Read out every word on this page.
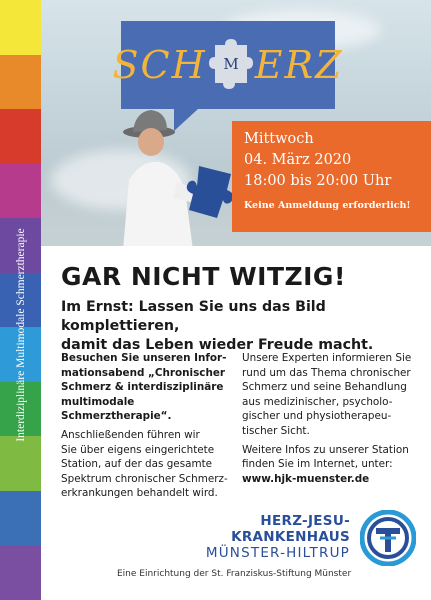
Interdiziplinäre Multimodale Schmerztherapie
SCH ERZ
M
Mittwoch
04. März 2020
18:00 bis 20:00 Uhr
Keine Anmeldung erforderlich!
GAR NICHT WITZIG!
Im Ernst: Lassen Sie uns das Bild komplettieren,
damit das Leben wieder Freude macht.

Besuchen Sie unseren Infor-
mationsabend „Chronischer
Schmerz & interdisziplinäre
multimodale Schmerztherapie“.

Anschließenden führen wir
Sie über eigens eingerichtete
Station, auf der das gesamte
Spektrum chronischer Schmerz-
erkrankungen behandelt wird.

Unsere Experten informieren Sie
rund um das Thema chronischer
Schmerz und seine Behandlung
aus medizinischer, psycholo-
gischer und physiotherapeu-
tischer Sicht.

Weitere Infos zu unserer Station
finden Sie im Internet, unter:
www.hjk-muenster.de

HERZ-JESU-KRANKENHAUS
MÜNSTER-HILTRUP
Eine Einrichtung der St. Franziskus-Stiftung Münster
